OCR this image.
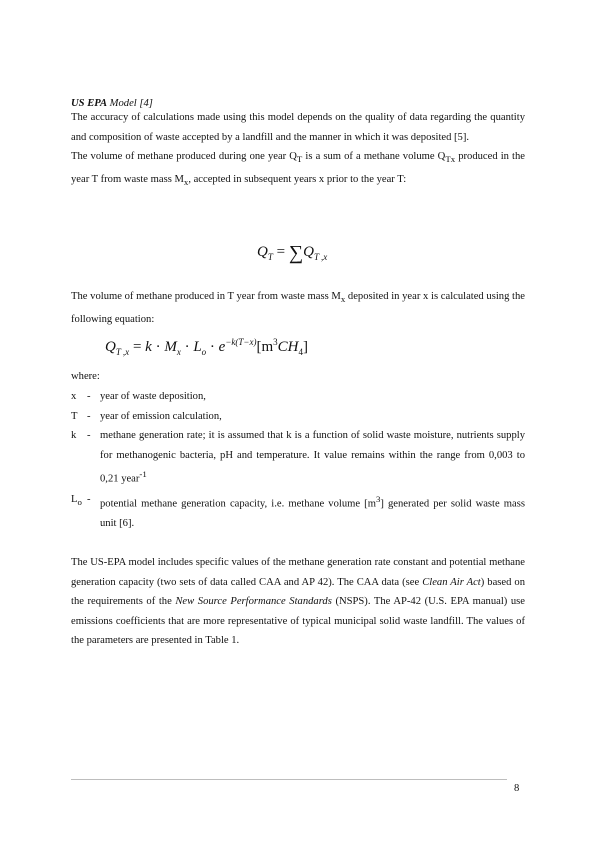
US EPA Model [4]

The accuracy of calculations made using this model depends on the quality of data regarding the quantity and composition of waste accepted by a landfill and the manner in which it was deposited [5].

The volume of methane produced during one year $Q_T$ is a sum of a methane volume $Q_{Tx}$ produced in the year T from waste mass $M_x$, accepted in subsequent years x prior to the year T:

$Q_T = \sum Q_{T ,x}$

The volume of methane produced in T year from waste mass $M_x$ deposited in year x is calculated using the following equation:

$Q_{T ,x} = k \cdot M_x \cdot L_o \cdot e^{-k(T-x)}[m^3CH_4]$

where:

x	- year of waste deposition,
T - year of emission calculation,
k	- methane generation rate; it is assumed that k is a function of solid waste moisture, nutrients supply for methanogenic bacteria, pH and temperature. It value remains within the range from 0,003 to 0,21 year$^{-1}$
$L_o$ - potential methane generation capacity, i.e. methane volume $[m^3]$ generated per solid waste mass unit [6].

The US-EPA model includes specific values of the methane generation rate constant and potential methane generation capacity (two sets of data called CAA and AP 42). The CAA data (see Clean Air Act) based on the requirements of the New Source Performance Standards (NSPS). The AP-42 (U.S. EPA manual) use emissions coefficients that are more representative of typical municipal solid waste landfill. The values of the parameters are presented in Table 1.

8
